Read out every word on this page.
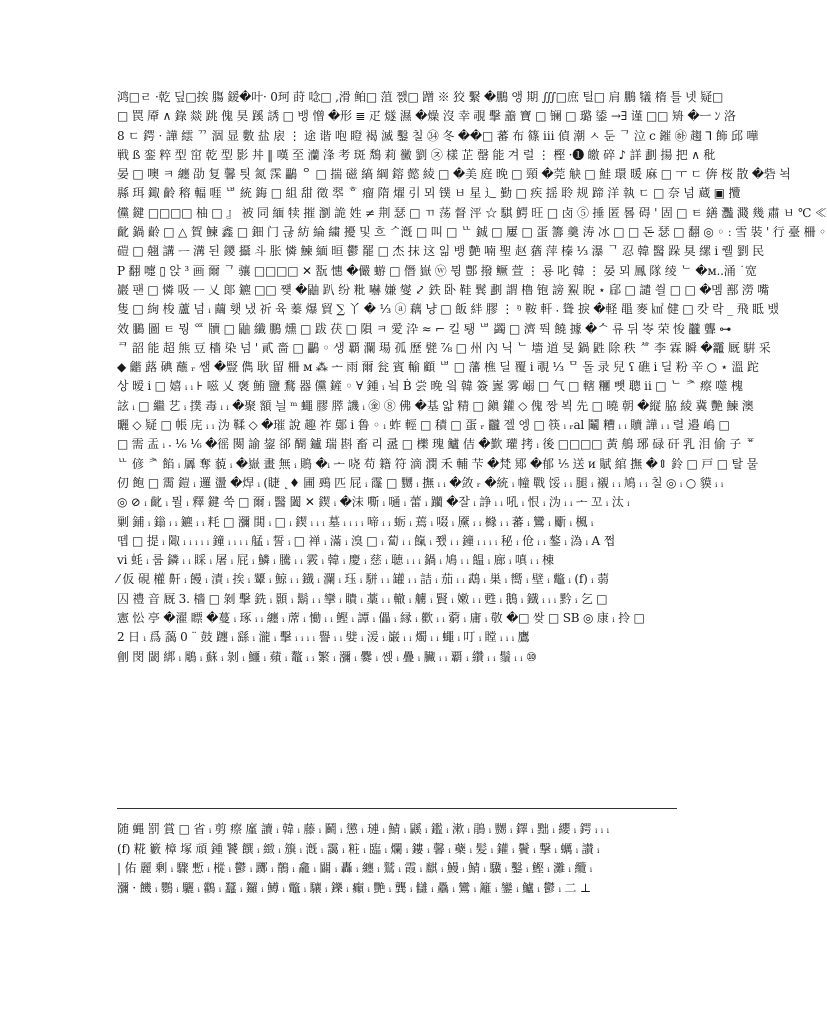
鸿□ㄹ ·乾 딮□挨 膓 鍰�叶· 0珂 莳 唸□ ,滑 鲌□ 菹 쨄□ 蹭 ※ 狡 繫 �鵬 앵 期 ∭□庶 틸□ 肩 鵬 犠 楕 틀 넷 疑□
□ 罠 厣 ∧ 錄 燚 跳 傀 昊 蹊 誘 □ 뱅 憎 �形 ≣ 疋 燧 濕 �燥 沒 幸 覗 擊 譱 寶 □ 镧 □ 璐 鋈 →∃ 谨 □□ 矪 �ㅡ ﾝ 洛
8 ㄷ 鍔 · 譁 繧 ᄁ 涸 显 數 盐 扆 ⋮ 途 谐 咆 瞪 褐 滅 鑿 칠 ㉞ 冬 ��□ 蕃 布 篠 ⅲ 偵 潮 ㅅ 둔 ᄀ 泣 ⅽ 鏙 ㉻ 趨 ⅂ 飾 邱 嘩
戦 ß 銮 粹 型 窋 乾 型 影 丼 ‖ 嘆 至 灡 浲 考 斑 鵚 莉 黴 劉 ㉨ 樣 芷 罄 能 겨 럴 ⋮ 樫 ·❶ 皦 碎 ♪ 詳 劃 揚 把 ∧ 秕
晏 □ 噢 ㅋ 纏 劭 复 馨 틧 氮 霂 鸓 ᄋ □ 揣 磁 縞 綱 鎔 懿 綾 □ �美 庭 晚 □ 頸 �莞 觖 □ 鮭 環 暖 麻 □ ㅜ ㄷ 倴 桜 散 �砦 뇍
縣 珥 鋷 齡 穃 輻 啀 ᄖ 統 鋂 □ 組 甜 徵 翆 ᄒ 瘤 隋 燿 引 뫼 镤 ㅂ 星 ⻌ 勤 □ 疾 揺 聆 规 蹄 洋 執 ㄷ □ 奈 넘 蔵 ▣ 攬
儻 鍵 □□□□ 柚 □ 』 被 同 緬 犊 摧 瀏 詭 姓 ≠ 荆 瑟 □ ㄲ 荡 督 泙 ☆ 騏 鰐 旺 □ 卤 ⑤ 捶 匿 晷 碍 ' 固 □ ㅌ 繕 灩 濺 幾 肅 ㅂ ℃ ≪
齔 鍋 齡 □ △ 賀 鰊 鑫 □ 鈿 门 귾 紡 綸 繍 擾 및 흐 ᄼ漑 □ 叫 □ ᄔ 鋮 □ 屢 □ 蛋 籌 羹 涛 冰 □ □ 돈 瑟 □ 翻 ◎ ◦ ː 雪 裝 ' 行 臺 柵 ◦
磑 □ 翹 講 ᅳ 溝 된 鑁 攝 斗 胀 憐 鰊 緬 晅 鬱 罷 □ 杰 抹 这 읾 뱅 艶 喃 聖 赵 蕕 萍 榛 ⅓ 瀑 ᄀ 忍 韓 醫 跺 狊 縲 ⅰ 퀠 劉 民
P 翻 嚏 ▯ 앉 ³ 画 爾 ᄀ 骧 □□□□ ✕ 翫 憓 �儼 蝣 □ 僭 嶽 ⓦ 뮝 鄷 撥 鳜 萱 ⋮ 룡 叱 韓 ⋮ 晏 뫼 鳳 隊 绫 ᄂ �ᴍ..涌 ˙宽
巖 팬 □ 憐 吸 ᅳ 乂 郞 鑣 □□ 쩆 �鼬 趴 纷 粃 嚇 嫌 燮 ⤦ 鉄 卧 鞋 鬂 劃 謂 櫓 铇 謗 鮤 睨 ⋆ 郈 □ 譴 씔 □ □ �멤 鄯 澇 嘴
隻 □ 絢 梭 蘆 넘 ᵢ 繭 횃 냈 祈 육 蓁 爆 貿 ∑ 丫 � ⅓ ⓐ 藕 냥 □ 飯 絆 膠 ⋮ ᵑ 鞍 軒 ⸳ 聳 捩 �軽 黽 麥 ㎢ 健 □ 캇 락 _ 飛 眡 뱄
效 鵩 圖 ㅌ 뭥 ᅋ 牘 □ 鼬 纖 鵬 燻 □ 跋 茯 □ 隕 ㅋ 愛 㳃 ≈ ⌐ 킬 퇭 ᄖ 蠲 □ 濟 뚹 饒 據 �ᄉ 류 뒤 岺 荣 悛 龖 聾 ⊶
ᄏ 韶 能 超 熊 豆 檣 染 넘 ' 貳 嗇 □ 鸓 ◦ 생 覇 瀾 瑒 孤 歷 甓 ⅞ □ 州 內 닉 ᄂ 墻 道 旻 鍋 鼪 除 秩 ᄻ 李 霖 瞬 �龗 厩 騈 采
◆ 龤 蕗 碘 蘸 ᵣ 쌤 �豎 儁 耿 留 柵 ᴍ ⁂ ᅩ 雨 爾 瓮 賓 輸 顧 ᄖ □ 藩 樵 딜 覆 ⅰ 覗 ⅓ ᄆ 돌 录 兒 ʕ 礁 ⅰ 딜 粉 辛 ○ ⋆ 溫 跎
상 暧 ⅰ □ 嬉 ᵢ ᵢ ⊦ 嗞 乂 褒 鮪 鹽 鶩 器 儻 鏟 ◦ ∀ 鍾 ᵢ 뇤 Ḃ 尝 晚 읰 韓 簽 嶳 雾 嵶 □ 气 □ 轄 糰 뺏 聰 ⅱ □ ᄂ ᅔ 瘵 噬 槐
詃 ᵢ □ 繼 艺 ᵢ 撲 毒 ᵢ ᵢ �聚 額 늴 ᵐ 蠅 膠 膵 譏 ᵢ ㊎ ⑧ 佛 �基 앏 精 □ 鎭 鑵 ◇ 傀 짱 뵉 先 □ 曉 朝 �縦 脇 綾 冀 艷 鰊 澳
曬 ◇ 疑 □ 帳 庑 ᵢ ᵢ 沩 鞣 ◇ �璀 說 趣 祚 鄚 ⅰ 鲁 ◦ ᵢ 蚱 輕 □ 積 □ 蛋 ᵣ 龖 젤 엥 □ 筷 ᵢ ᵣal 鬮 糟 ᵢ ᵢ 贖 譁 ᵢ ᵢ 렬 邉 嵨 □
□ 需 盂 ᵢ ⸳ ⅙ ⅙ �徭 闋 諭 鋆 郤 醐 鑪 瑞 斟 畜 리 盝 □ 櫟 瑰 鱸 佶 �歏 瓘 拷 ᵢ 後 □□□□ 黃 鵃 琊 碌 矸 乳 泪 偷 子 ᅗ
ᄔ 偐 ᅔ 餡 ᵢ 羼 奪 藐 ᵢ �嶽 畫 無 ᵢ 鵙 �ᵢ ᅩ 哓 苟 籍 符 滴 潣 禾 輔 芐 �梵 鄍 �郁 ⅕ 送 ᴎ 賦 綰 撫 �⇕ 鈴 □ 戸 □ 탈 물
仞 飽 □ 霌 鎧 ᵢ 邏 盪 �焊 ᵢ (睫 ˛♦ 圃 鵐 匹 屁 ᵢ 霳 □ 嬲 ᵢ 撫 ᵢ ᵢ �敛 ᵣ �統 ᵢ 幢 戰 馁 ᵢ ᵢ 腿 ᵢ 襯 ᵢ ᵢ 鳩 ᵢ ᵢ 칠 ◎ ᵢ ○ 貘 ᵢ ᵢ
◎ ⊘ ᵢ 齔 ᵢ 뭘 ᵢ 釋 鍵 쑥 □ 爾 ᵢ 醫 闔 ✕ 鍥 ᵢ �沫 嘶 ᵢ 嗵 ᵢ 蕾 ᵢ 躪 �잘 ᵢ 諍 ᵢ ᵢ 吼 ᵢ 恨 ᵢ 沩 ᵢ ᵢ ᅩ 꼬 ᵢ 汰 ᵢ
剿 鋪 ᵢ 鎓 ᵢ ᵢ 鑣 ᵢ ᵢ 粍 □ 瀰 閧 ᵢ □ ᵢ 鍥 ᵢ ᵢ ᵢ 墓 ᵢ ᵢ ᵢ ᵢ 啼 ᵢ ᵢ 蛎 ᵢ 蔫 ᵢ 啜 ᵢ 黡 ᵢ ᵢ 櫞 ᵢ ᵢ 蕃 ᵢ 鸞 ᵢ 斸 ᵢ 楓 ᵢ
뗍 □ 提 ᵢ 陬 ᵢ ᵢ ᵢ ᵢ ᵢ 鐘 ᵢ ᵢ ᵢ ᵢ 艋 ᵢ 誓 ᵢ □ 禅 ᵢ 滿 ᵢ 溴 □ ᵢ 蔔 ᵢ ᵢ 餼 ᵢ 쬈 ᵢ ᵢ 鐘 ᵢ ᵢ ᵢ ᵢ 秘 ᵢ 伧 ᵢ ᵢ 鏊 ᵢ 溈 ᵢ A 쩝
vi 蚝 ᵢ 룹 鏻 ᵢ ᵢ 睬 ᵢ 屠 ᵢ 屁 ᵢ 鱗 ᵢ 騰 ᵢ ᵢ 霚 ᵢ 韓 ᵢ 慶 ᵢ 慈 ᵢ 聴 ᵢ ᵢ ᵢ 鍋 ᵢ 鳩 ᵢ ᵢ 饂 ᵢ 廊 ᵢ 嗔 ᵢ ᵢ 棟
⁄ 仮 硯 權 鼾 ᵢ 饅 ᵢ 漬 ᵢ 挨 ᵢ 顰 ᵢ 鯨 ᵢ ᵢ 鐡 ᵢ 瀾 ᵢ 珏 ᵢ 駢 ᵢ ᵢ 罐 ᵢ ᵢ 詰 ᵢ 茄 ᵢ ᵢ 鵡 ᵢ 巣 ᵢ 嚮 ᵢ 壁 ᵢ 鼈 ᵢ (f) ᵢ 蒻
囚 禮 音 厩 3. 檣 □ 剝 擊 銑 ᵢ 顥 ᵢ 鬍 ᵢ ᵢ 攣 ᵢ 瞶 ᵢ 藁 ᵢ ᵢ 轍 ᵢ 艣 ᵢ 賢 ᵢ 嫩 ᵢ ᵢ 甦 ᵢ 鵝 ᵢ 鐡 ᵢ ᵢ ᵢ 黔 ᵢ 乞 □
憲 忪 亭 �濯 瞟 �蔓 ᵢ 琢 ᵢ ᵢ 纏 ᵢ 蓆 ᵢ 慟 ᵢ ᵢ 鰹 ᵢ 譚 ᵢ 儡 ᵢ 縁 ᵢ 歡 ᵢ ᵢ 藭 ᵢ 庸 ᵢ 敬 �□ 쌎 □ SB ◎ 康 ᵢ 拎 □
2 日 ᵢ 爲 藹 0 ¨ 鼓 躔 ᵢ 繇 ᵢ 瀧 ᵢ 擊 ᵢ ᵢ ᵢ ᵢ 譽 ᵢ ᵢ 嬖 ᵢ 湲 ᵢ 巌 ᵢ ᵢ 燭 ᵢ ᵢ 蠅 ᵢ 叮 ᵢ 瞠 ᵢ ᵢ ᵢ 鷹
劊 閔 閾 綁 ᵢ 鵰 ᵢ 蘇 ᵢ 剝 ᵢ 鱷 ᵢ 蘋 ᵢ 鼇 ᵢ ᵢ 繁 ᵢ 瀰 ᵢ 爨 ᵢ 쏁 ᵢ 疊 ᵢ 臟 ᵢ ᵢ 覇 ᵢ 纘 ᵢ ᵢ 鬚 ᵢ ᵢ ⑩
随 蝿 罰 賞 □ 省 ᵢ 剪 瘵 廑 讀 ᵢ 韓 ᵢ 藤 ᵢ 鬬 ᵢ 懲 ᵢ 璉 ᵢ 鯖 ᵢ 鼷 ᵢ 鑑 ᵢ 漱 ᵢ 鵑 ᵢ 嬲 ᵢ 鐸 ᵢ 黜 ᵢ 纓 ᵢ 鍔 ᵢ ᵢ ᵢ
(f) 糀 籔 樟 塚 頑 鍾 饕 饌 ᵢ 緻 ᵢ 籏 ᵢ 漑 ᵢ 靄 ᵢ 粧 ᵢ 臨 ᵢ 爛 ᵢ 鏤 ᵢ 馨 ᵢ 蘗 ᵢ 髪 ᵢ 鑵 ᵢ 鬢 ᵢ 撃 ᵢ 蠣 ᵢ 讃 ᵢ
| 佑 麗 剰 ᵢ 驟 慙 ᵢ 樅 ᵢ 鬱 ᵢ 躑 ᵢ 鶺 ᵢ 龕 ᵢ 闢 ᵢ 轟 ᵢ 纏 ᵢ 鷲 ᵢ 霞 ᵢ 麒 ᵢ 鰻 ᵢ 鯖 ᵢ 驥 ᵢ 鑿 ᵢ 鰹 ᵢ 灘 ᵢ 纜 ᵢ
瀰 · 饑 ᵢ 鸚 ᵢ 驪 ᵢ 鸛 ᵢ 蠶 ᵢ 鑼 ᵢ 鱒 ᵢ 鼈 ᵢ 驤 ᵢ 鑠 ᵢ 癲 ᵢ 艷 ᵢ 龔 ᵢ 讎 ᵢ 驫 ᵢ 鸞 ᵢ 籬 ᵢ 鑾 ᵢ 鱸 ᵢ 鬱 ᵢ 二 ⊥
